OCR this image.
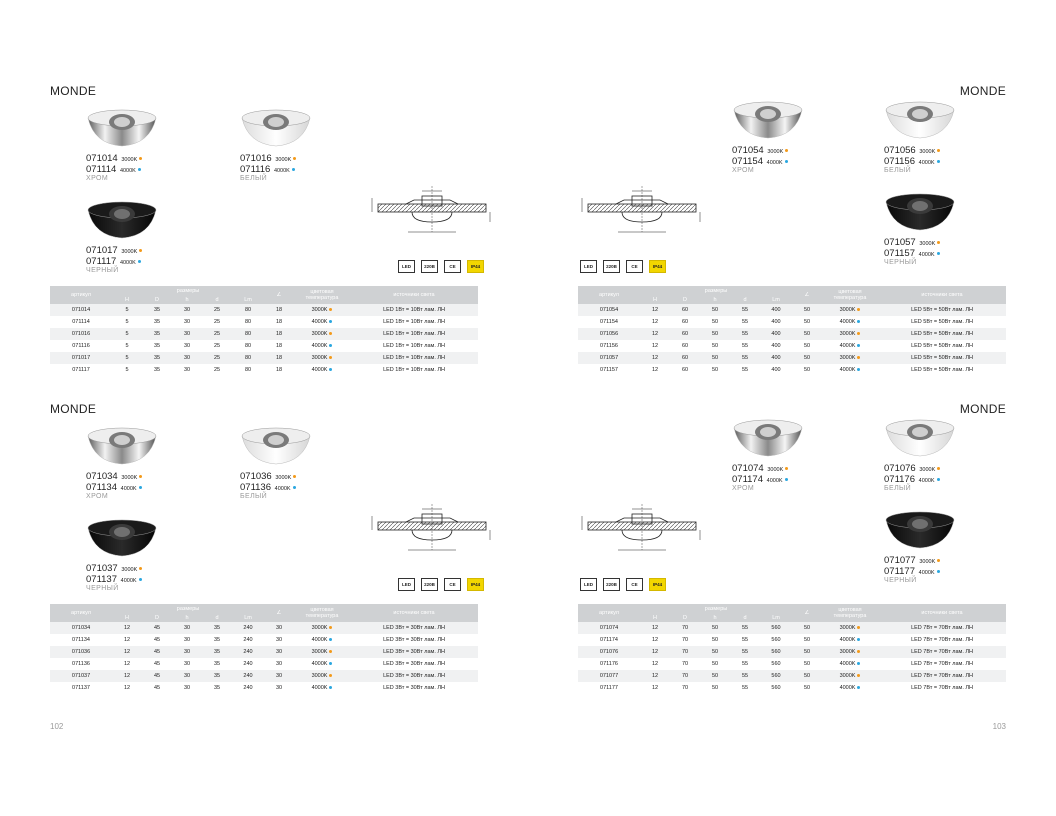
MONDE
071014 3000K
071114 4000K
ХРОМ
071016 3000K
071116 4000K
БЕЛЫЙ
071017 3000K
071117 4000K
ЧЕРНЫЙ
LED	220В	CE	IP44
артикул	размеры					∠	цветовая температура	источники света
	H	D	h	d	Lm			
071014	5	35	30	25	80	18	3000K	LED 1Вт = 10Вт лам. ЛН
071114	5	35	30	25	80	18	4000K	LED 1Вт = 10Вт лам. ЛН
071016	5	35	30	25	80	18	3000K	LED 1Вт = 10Вт лам. ЛН
071116	5	35	30	25	80	18	4000K	LED 1Вт = 10Вт лам. ЛН
071017	5	35	30	25	80	18	3000K	LED 1Вт = 10Вт лам. ЛН
071117	5	35	30	25	80	18	4000K	LED 1Вт = 10Вт лам. ЛН
MONDE
071054 3000K
071154 4000K
ХРОМ
071056 3000K
071156 4000K
БЕЛЫЙ
071057 3000K
071157 4000K
ЧЕРНЫЙ
LED	220В	CE	IP44
артикул	размеры					∠	цветовая температура	источники света
	H	D	h	d	Lm			
071054	12	60	50	55	400	50	3000K	LED 5Вт = 50Вт лам. ЛН
071154	12	60	50	55	400	50	4000K	LED 5Вт = 50Вт лам. ЛН
071056	12	60	50	55	400	50	3000K	LED 5Вт = 50Вт лам. ЛН
071156	12	60	50	55	400	50	4000K	LED 5Вт = 50Вт лам. ЛН
071057	12	60	50	55	400	50	3000K	LED 5Вт = 50Вт лам. ЛН
071157	12	60	50	55	400	50	4000K	LED 5Вт = 50Вт лам. ЛН
MONDE
071034 3000K
071134 4000K
ХРОМ
071036 3000K
071136 4000K
БЕЛЫЙ
071037 3000K
071137 4000K
ЧЕРНЫЙ
LED	220В	CE	IP44
артикул	размеры					∠	цветовая температура	источники света
	H	D	h	d	Lm			
071034	12	45	30	35	240	30	3000K	LED 3Вт = 30Вт лам. ЛН
071134	12	45	30	35	240	30	4000K	LED 3Вт = 30Вт лам. ЛН
071036	12	45	30	35	240	30	3000K	LED 3Вт = 30Вт лам. ЛН
071136	12	45	30	35	240	30	4000K	LED 3Вт = 30Вт лам. ЛН
071037	12	45	30	35	240	30	3000K	LED 3Вт = 30Вт лам. ЛН
071137	12	45	30	35	240	30	4000K	LED 3Вт = 30Вт лам. ЛН
MONDE
071074 3000K
071174 4000K
ХРОМ
071076 3000K
071176 4000K
БЕЛЫЙ
071077 3000K
071177 4000K
ЧЕРНЫЙ
LED	220В	CE	IP44
артикул	размеры					∠	цветовая температура	источники света
	H	D	h	d	Lm			
071074	12	70	50	55	560	50	3000K	LED 7Вт = 70Вт лам. ЛН
071174	12	70	50	55	560	50	4000K	LED 7Вт = 70Вт лам. ЛН
071076	12	70	50	55	560	50	3000K	LED 7Вт = 70Вт лам. ЛН
071176	12	70	50	55	560	50	4000K	LED 7Вт = 70Вт лам. ЛН
071077	12	70	50	55	560	50	3000K	LED 7Вт = 70Вт лам. ЛН
071177	12	70	50	55	560	50	4000K	LED 7Вт = 70Вт лам. ЛН
102	103
